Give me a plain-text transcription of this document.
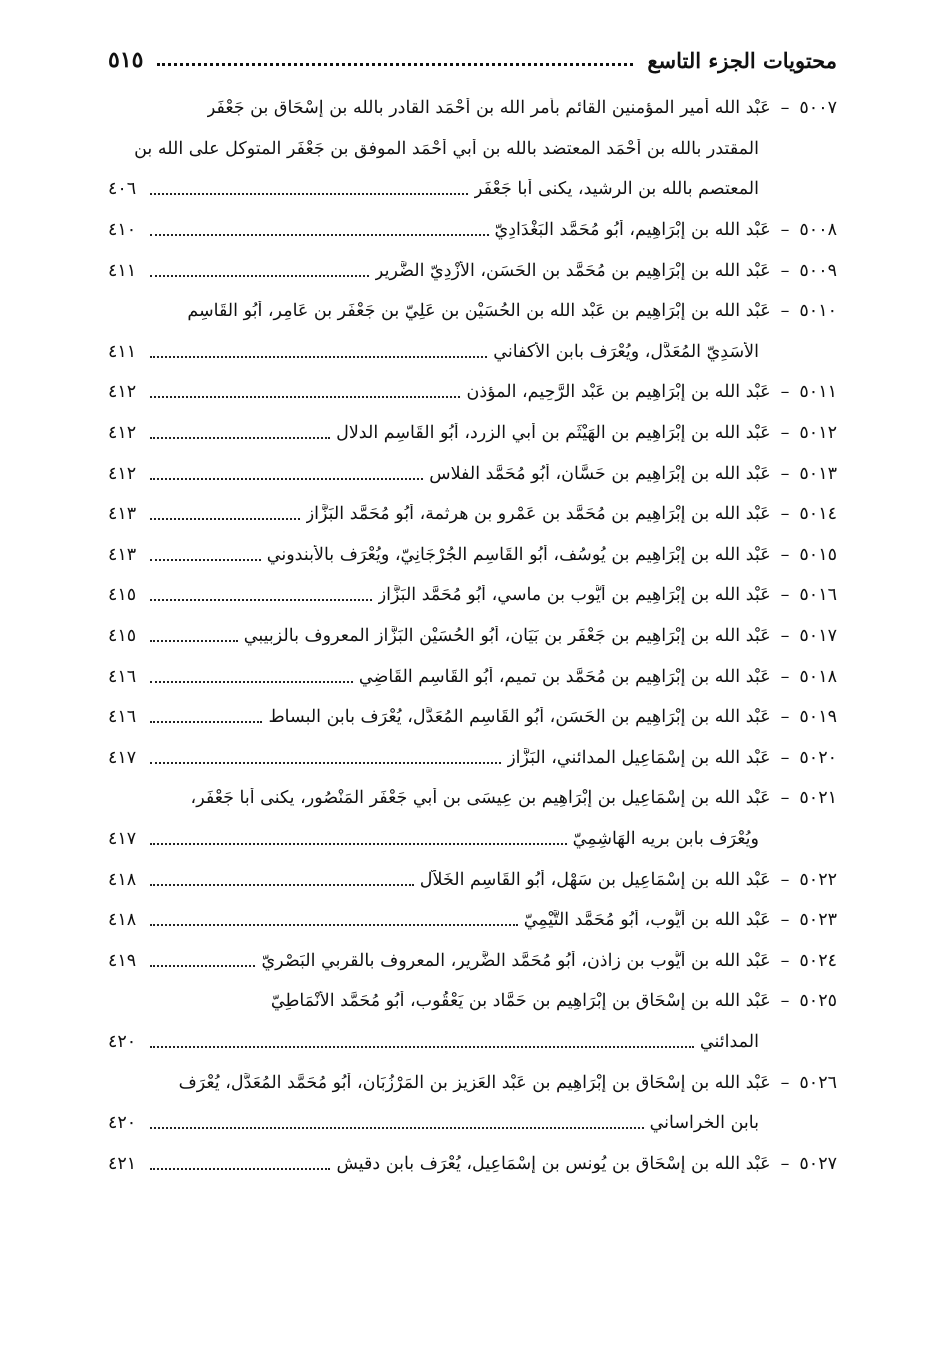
محتويات الجزء التاسع
٥١٥
٥٠٠٧
–
عَبْد الله أمير المؤمنين القائم بأمر الله بن أَحْمَد القادر بالله بن إِسْحَاق بن جَعْفَر
المقتدر بالله بن أَحْمَد المعتضد بالله بن أَبي أَحْمَد الموفق بن جَعْفَر المتوكل على الله بن
المعتصم بالله بن الرشيد، يكنى أبا جَعْفَر
٤٠٦
٥٠٠٨
–
عَبْد الله بن إِبْرَاهِيم، أَبُو مُحَمَّد البَغْدَادِيّ
٤١٠
٥٠٠٩
–
عَبْد الله بن إِبْرَاهِيم بن مُحَمَّد بن الحَسَن، الأَزْدِيّ الضَّرِير
٤١١
٥٠١٠
–
عَبْد الله بن إِبْرَاهِيم بن عَبْد الله بن الحُسَيْن بن عَلِيّ بن جَعْفَر بن عَامِر، أَبُو القَاسِم
الأَسَدِيّ المُعَدَّل، ويُعْرَف بابن الأكفاني
٤١١
٥٠١١
–
عَبْد الله بن إِبْرَاهِيم بن عَبْد الرَّحِيم، المؤذن
٤١٢
٥٠١٢
–
عَبْد الله بن إِبْرَاهِيم بن الهَيْثَم بن أَبي الزرد، أَبُو القَاسِم الدلال
٤١٢
٥٠١٣
–
عَبْد الله بن إِبْرَاهِيم بن حَسَّان، أَبُو مُحَمَّد الفلاس
٤١٢
٥٠١٤
–
عَبْد الله بن إِبْرَاهِيم بن مُحَمَّد بن عَمْرو بن هرثمة، أَبُو مُحَمَّد البَزَّاز
٤١٣
٥٠١٥
–
عَبْد الله بن إِبْرَاهِيم بن يُوسُف، أَبُو القَاسِم الجُرْجَانِيّ، ويُعْرَف بالأبندوني
٤١٣
٥٠١٦
–
عَبْد الله بن إِبْرَاهِيم بن أَيُّوب بن ماسي، أَبُو مُحَمَّد البَزَّاز
٤١٥
٥٠١٧
–
عَبْد الله بن إِبْرَاهِيم بن جَعْفَر بن بَيَان، أَبُو الحُسَيْن البَزَّاز المعروف بالزبيبي
٤١٥
٥٠١٨
–
عَبْد الله بن إِبْرَاهِيم بن مُحَمَّد بن تميم، أَبُو القَاسِم القَاضِي
٤١٦
٥٠١٩
–
عَبْد الله بن إِبْرَاهِيم بن الحَسَن، أَبُو القَاسِم المُعَدَّل، يُعْرَف بابن البساط
٤١٦
٥٠٢٠
–
عَبْد الله بن إِسْمَاعِيل المدائني، البَزَّاز
٤١٧
٥٠٢١
–
عَبْد الله بن إِسْمَاعِيل بن إِبْرَاهِيم بن عِيسَى بن أَبي جَعْفَر المَنْصُور، يكنى أبا جَعْفَر،
ويُعْرَف بابن بريه الهَاشِمِيّ
٤١٧
٥٠٢٢
–
عَبْد الله بن إِسْمَاعِيل بن سَهْل، أَبُو القَاسِم الخَلاَّل
٤١٨
٥٠٢٣
–
عَبْد الله بن أَيُّوب، أَبُو مُحَمَّد التَّيْمِيّ
٤١٨
٥٠٢٤
–
عَبْد الله بن أَيُّوب بن زاذن، أَبُو مُحَمَّد الضَّرِير، المعروف بالقربي البَصْرِيّ
٤١٩
٥٠٢٥
–
عَبْد الله بن إِسْحَاق بن إِبْرَاهِيم بن حَمَّاد بن يَعْقُوب، أَبُو مُحَمَّد الأَنْمَاطِيّ
المدائني
٤٢٠
٥٠٢٦
–
عَبْد الله بن إِسْحَاق بن إِبْرَاهِيم بن عَبْد العَزِيز بن المَرْزُبَان، أَبُو مُحَمَّد المُعَدَّل، يُعْرَف
بابن الخراساني
٤٢٠
٥٠٢٧
–
عَبْد الله بن إِسْحَاق بن يُونس بن إِسْمَاعِيل، يُعْرَف بابن دقيش
٤٢١
